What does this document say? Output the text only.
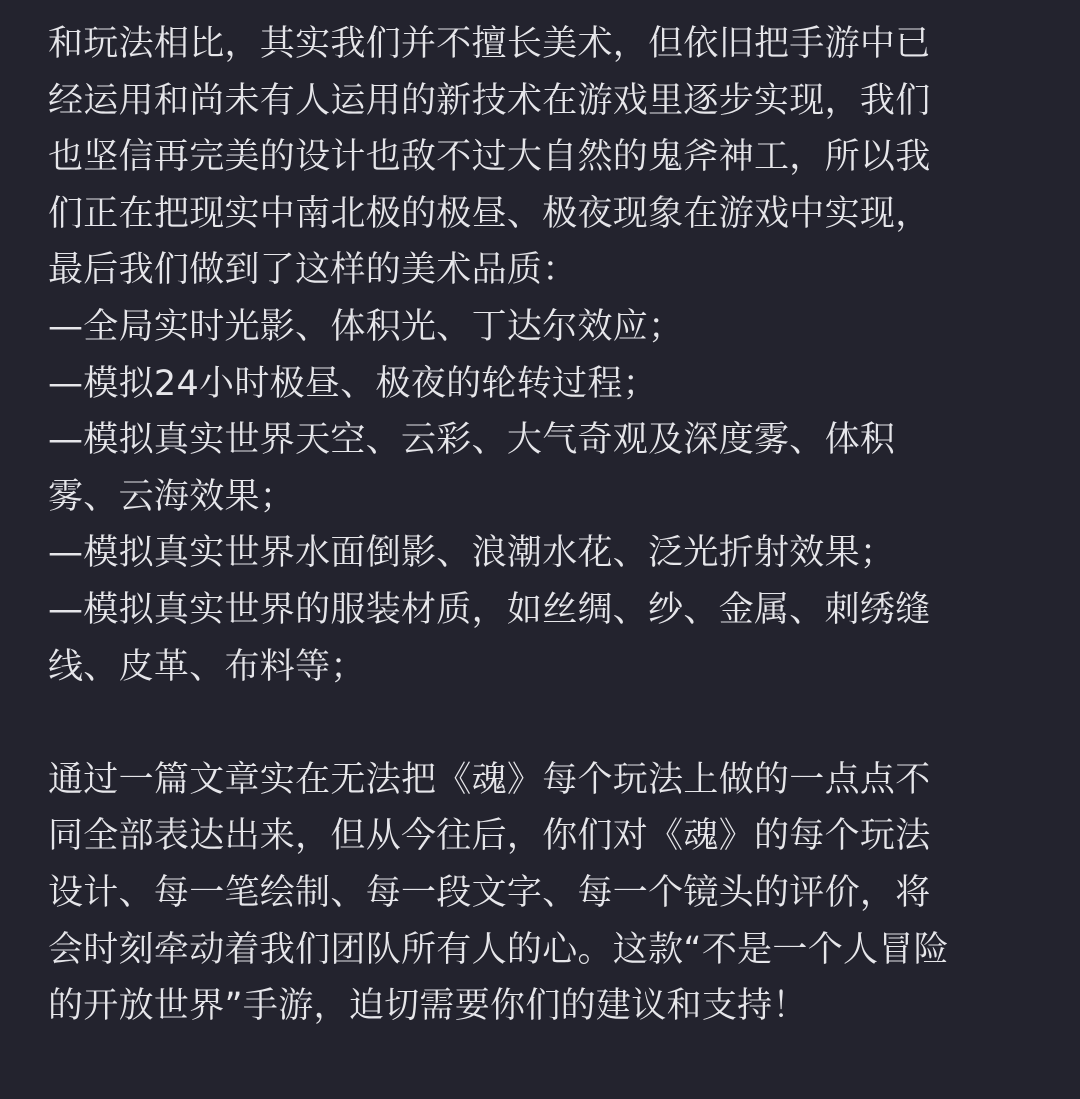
和玩法相比，其实我们并不擅长美术，但依旧把手游中已
经运用和尚未有人运用的新技术在游戏里逐步实现，我们
也坚信再完美的设计也敌不过大自然的鬼斧神工，所以我
们正在把现实中南北极的极昼、极夜现象在游戏中实现，
最后我们做到了这样的美术品质：
—全局实时光影、体积光、丁达尔效应；
—模拟24小时极昼、极夜的轮转过程；
—模拟真实世界天空、云彩、大气奇观及深度雾、体积
雾、云海效果；
—模拟真实世界水面倒影、浪潮水花、泛光折射效果；
—模拟真实世界的服装材质，如丝绸、纱、金属、刺绣缝
线、皮革、布料等；
通过一篇文章实在无法把《魂》每个玩法上做的一点点不
同全部表达出来，但从今往后，你们对《魂》的每个玩法
设计、每一笔绘制、每一段文字、每一个镜头的评价，将
会时刻牵动着我们团队所有人的心。这款“不是一个人冒险
的开放世界”手游，迫切需要你们的建议和支持！
